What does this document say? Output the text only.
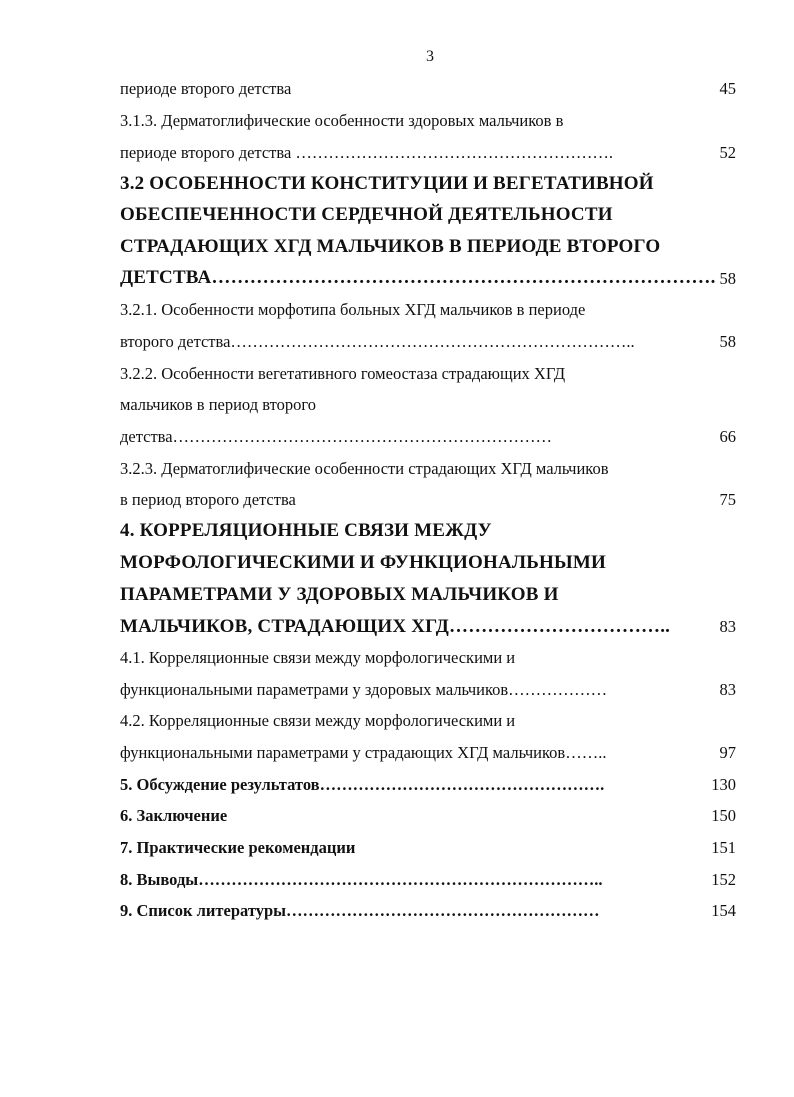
3
периоде второго детства	45
3.1.3. Дерматоглифические особенности здоровых мальчиков в
периоде второго детства ………………………………………………….	52
3.2 ОСОБЕННОСТИ КОНСТИТУЦИИ И ВЕГЕТАТИВНОЙ
ОБЕСПЕЧЕННОСТИ СЕРДЕЧНОЙ ДЕЯТЕЛЬНОСТИ
СТРАДАЮЩИХ ХГД МАЛЬЧИКОВ В ПЕРИОДЕ ВТОРОГО
ДЕТСТВА……………………………………………………………………. 58
3.2.1. Особенности морфотипа больных ХГД мальчиков в периоде
второго детства………………………………………………………………..	58
3.2.2. Особенности вегетативного гомеостаза страдающих ХГД
мальчиков в период второго
детства……………………………………………………………	66
3.2.3. Дерматоглифические особенности страдающих ХГД мальчиков
в период второго детства	75
4. КОРРЕЛЯЦИОННЫЕ СВЯЗИ МЕЖДУ
МОРФОЛОГИЧЕСКИМИ И ФУНКЦИОНАЛЬНЫМИ
ПАРАМЕТРАМИ У ЗДОРОВЫХ МАЛЬЧИКОВ И
МАЛЬЧИКОВ, СТРАДАЮЩИХ ХГД……………………………..	83
4.1. Корреляционные связи между морфологическими и
функциональными параметрами у здоровых мальчиков………………	83
4.2. Корреляционные связи между морфологическими и
функциональными параметрами у страдающих ХГД мальчиков……..	97
5. Обсуждение результатов…………………………………………….	130
6. Заключение	150
7. Практические рекомендации	151
8. Выводы………………………………………………………………..	152
9. Список литературы…………………………………………………	154
